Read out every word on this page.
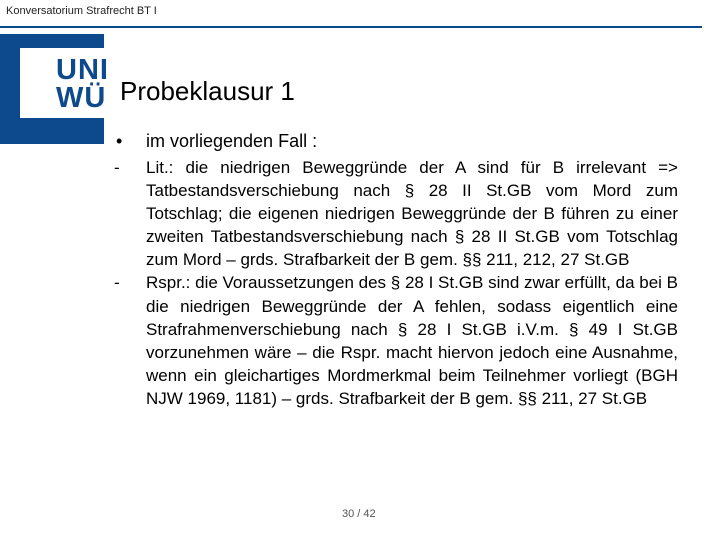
Konversatorium Strafrecht BT I
UNI
WÜ Probeklausur 1
• im vorliegenden Fall :
-	Lit.: die niedrigen Beweggründe der A sind für B irrelevant => Tatbestandsverschiebung nach § 28 II St.GB vom Mord zum Totschlag; die eigenen niedrigen Beweggründe der B führen zu einer zweiten Tatbestandsverschiebung nach § 28 II St.GB vom Totschlag zum Mord – grds. Strafbarkeit der B gem. §§ 211, 212, 27 St.GB
-	Rspr.: die Voraussetzungen des § 28 I St.GB sind zwar erfüllt, da bei B die niedrigen Beweggründe der A fehlen, sodass eigentlich eine Strafrahmenverschiebung nach § 28 I St.GB i.V.m. § 49 I St.GB vorzunehmen wäre – die Rspr. macht hiervon jedoch eine Ausnahme, wenn ein gleichartiges Mordmerkmal beim Teilnehmer vorliegt (BGH NJW 1969, 1181) – grds. Strafbarkeit der B gem. §§ 211, 27 St.GB
30 / 42
